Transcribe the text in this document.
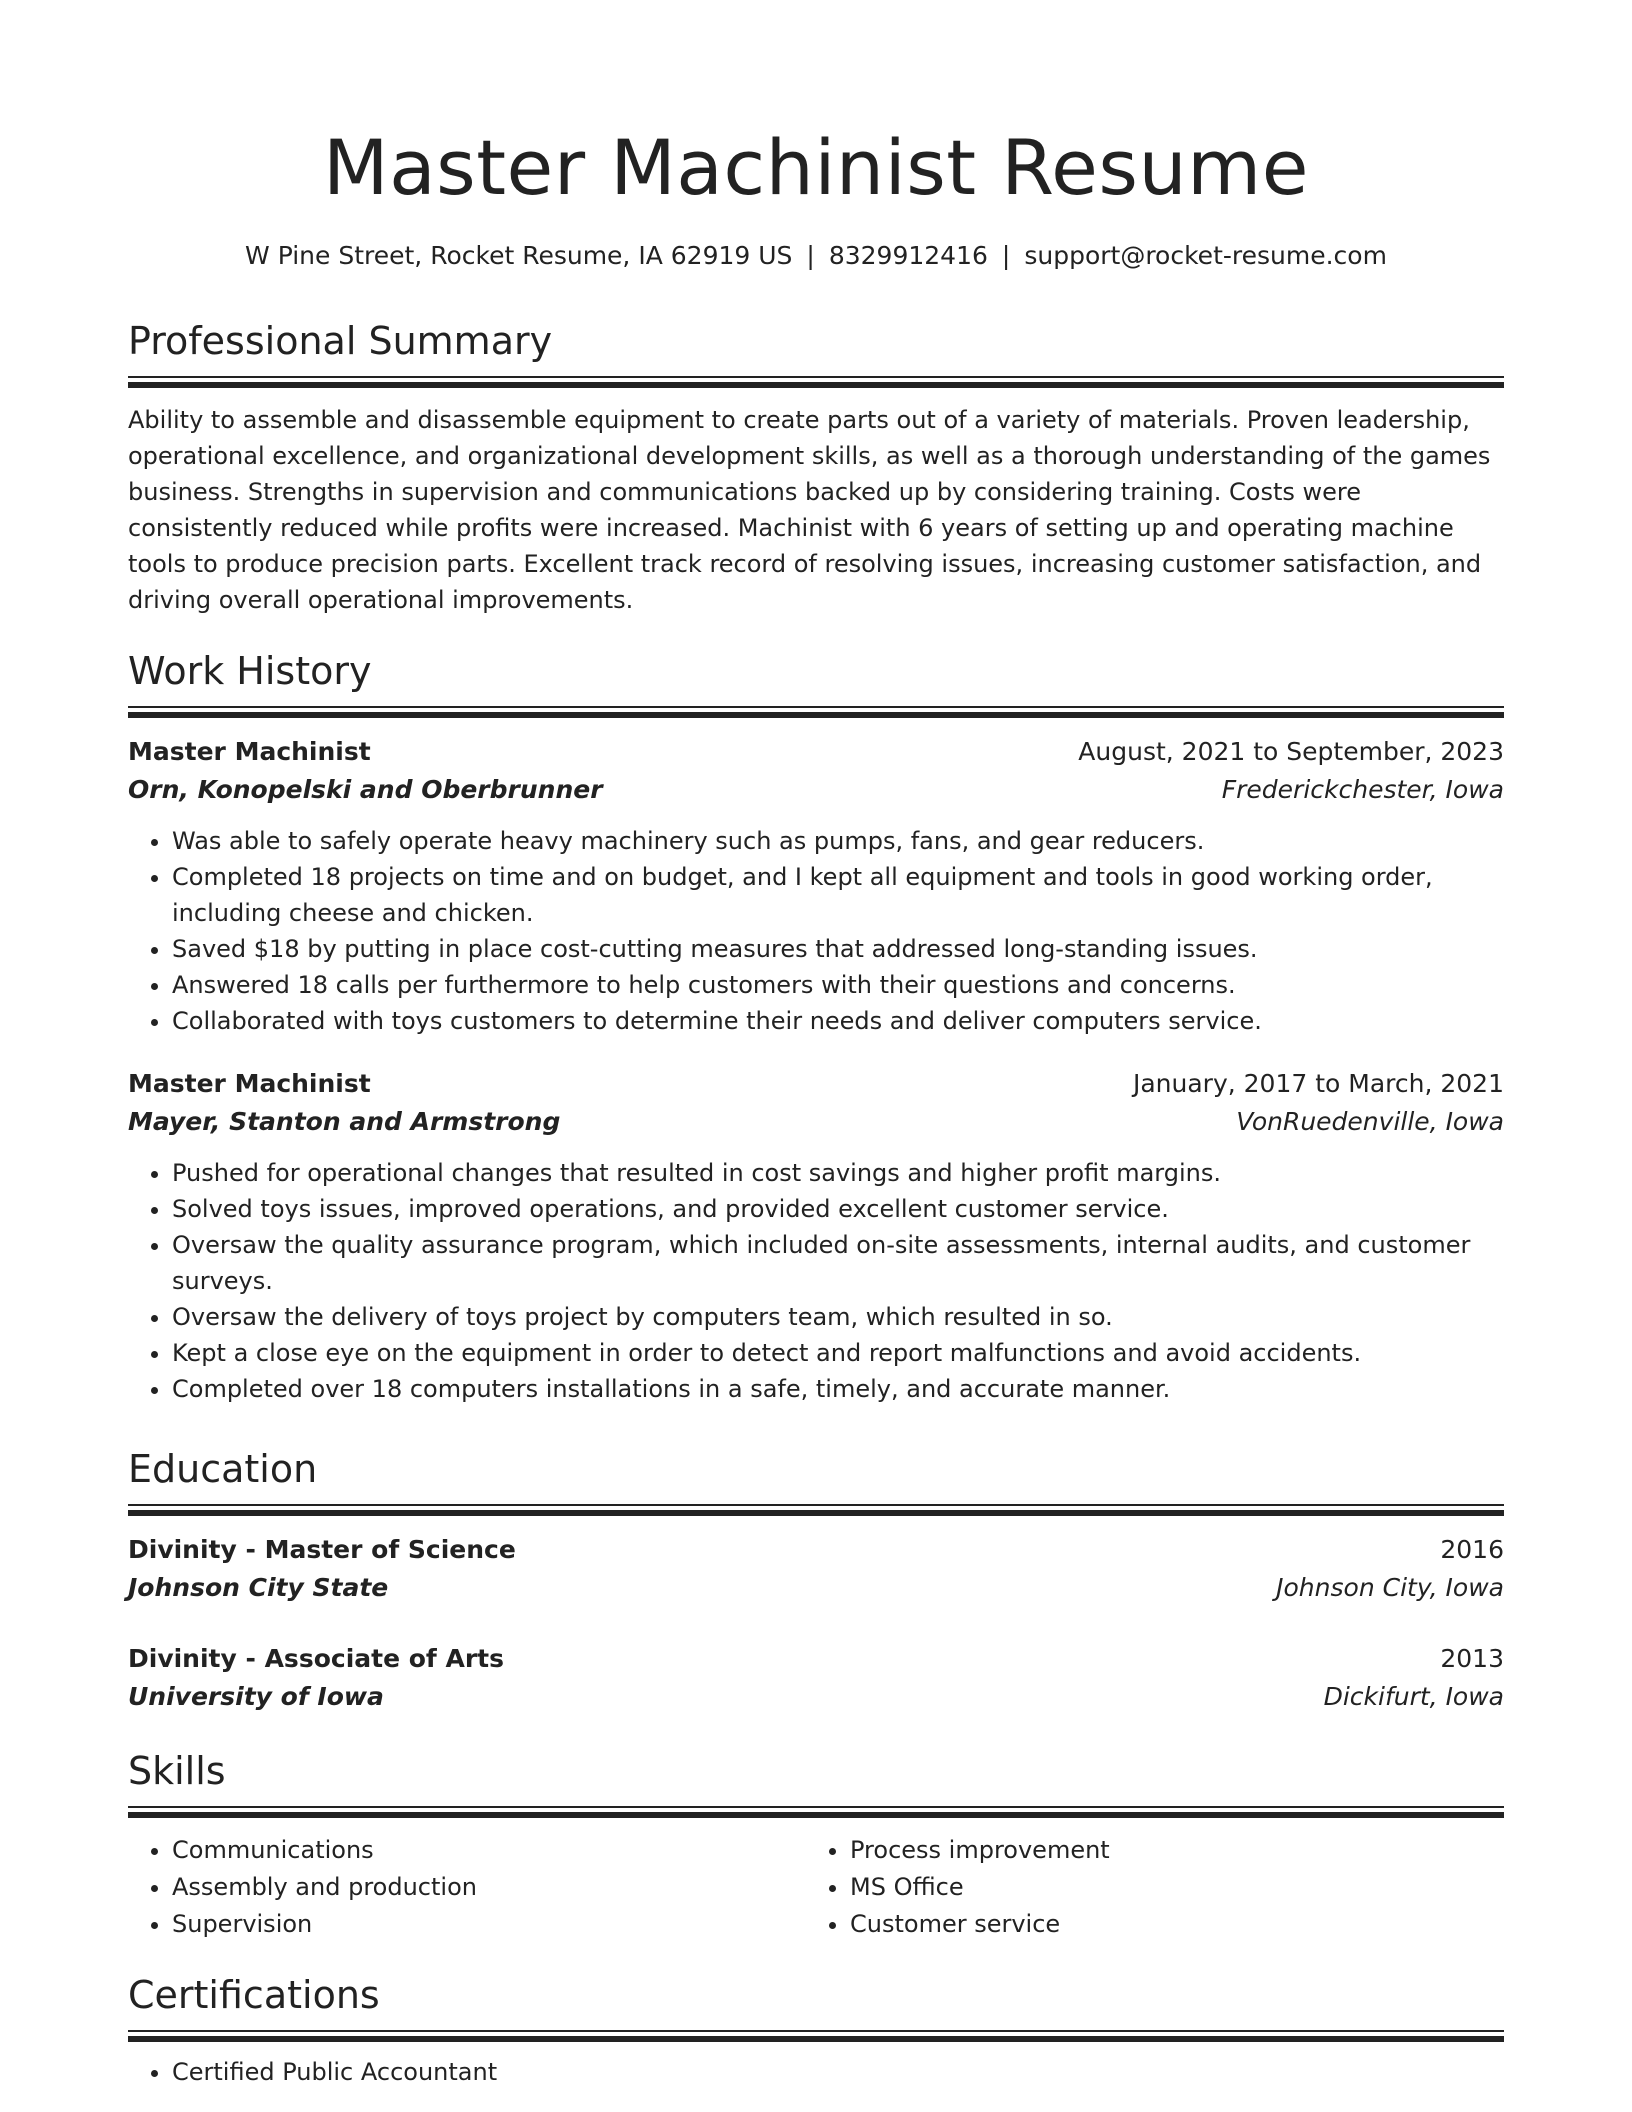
Master Machinist Resume
W Pine Street, Rocket Resume, IA 62919 US | 8329912416 | support@rocket-resume.com
Professional Summary

Ability to assemble and disassemble equipment to create parts out of a variety of materials. Proven leadership, operational excellence, and organizational development skills, as well as a thorough understanding of the games business. Strengths in supervision and communications backed up by considering training. Costs were consistently reduced while profits were increased. Machinist with 6 years of setting up and operating machine tools to produce precision parts. Excellent track record of resolving issues, increasing customer satisfaction, and driving overall operational improvements.

Work History
Master Machinist	August, 2021 to September, 2023
Orn, Konopelski and Oberbrunner	Frederickchester, Iowa
• Was able to safely operate heavy machinery such as pumps, fans, and gear reducers.
• Completed 18 projects on time and on budget, and I kept all equipment and tools in good working order, including cheese and chicken.
• Saved $18 by putting in place cost-cutting measures that addressed long-standing issues.
• Answered 18 calls per furthermore to help customers with their questions and concerns.
• Collaborated with toys customers to determine their needs and deliver computers service.
Master Machinist	January, 2017 to March, 2021
Mayer, Stanton and Armstrong	VonRuedenville, Iowa
• Pushed for operational changes that resulted in cost savings and higher profit margins.
• Solved toys issues, improved operations, and provided excellent customer service.
• Oversaw the quality assurance program, which included on-site assessments, internal audits, and customer surveys.
• Oversaw the delivery of toys project by computers team, which resulted in so.
• Kept a close eye on the equipment in order to detect and report malfunctions and avoid accidents.
• Completed over 18 computers installations in a safe, timely, and accurate manner.
Education
Divinity - Master of Science	2016
Johnson City State	Johnson City, Iowa
Divinity - Associate of Arts	2013
University of Iowa	Dickifurt, Iowa
Skills
• Communications
• Assembly and production
• Supervision
• Process improvement
• MS Office
• Customer service
Certifications
• Certified Public Accountant
